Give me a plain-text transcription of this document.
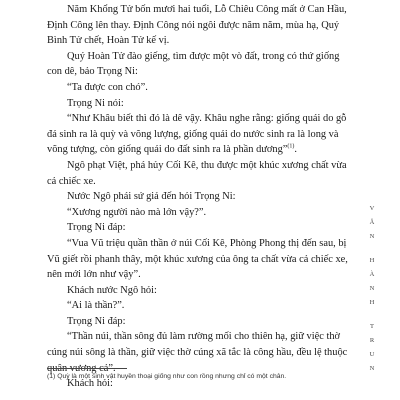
Năm Khổng Tử bốn mươi hai tuổi, Lỗ Chiêu Công mất ở Can Hầu, Định Công lên thay. Định Công nói ngôi được năm năm, mùa hạ, Quý Bình Tử chết, Hoàn Tử kế vị.

Quý Hoàn Tử đào giếng, tìm được một vò đất, trong có thứ giống con dê, bảo Trọng Ni:

“Ta được con chó”.

Trọng Ni nói:

“Như Khâu biết thì đó là dê vậy. Khâu nghe rằng: giống quái do gỗ đá sinh ra là quỳ và võng lượng, giống quái do nước sinh ra là long và võng tượng, còn giống quái do đất sinh ra là phần dương”$^{(1)}$.

Ngô phạt Việt, phá hủy Cối Kê, thu được một khúc xương chất vừa cả chiếc xe.

Nước Ngô phái sứ giả đến hỏi Trọng Ni:

“Xương người nào mà lớn vậy?”.

Trọng Ni đáp:

“Vua Vũ triệu quần thần ở núi Cối Kê, Phòng Phong thị đến sau, bị Vũ giết rồi phanh thây, một khúc xương của ông ta chất vừa cả chiếc xe, nên mới lớn như vậy”.

Khách nước Ngô hỏi:

“Ai là thần?”.

Trọng Ni đáp:

“Thần núi, thần sông đủ làm rường mối cho thiên hạ, giữ việc thờ cúng núi sông là thần, giữ việc thờ cúng xã tắc là công hầu, đều lệ thuộc quân vương cả”.

Khách hỏi:

(1) Quỳ là một sinh vật huyền thoại giống như con rồng nhưng chỉ có một chân.
V
Ă
N
H
À
N
H
T
R
U
N
